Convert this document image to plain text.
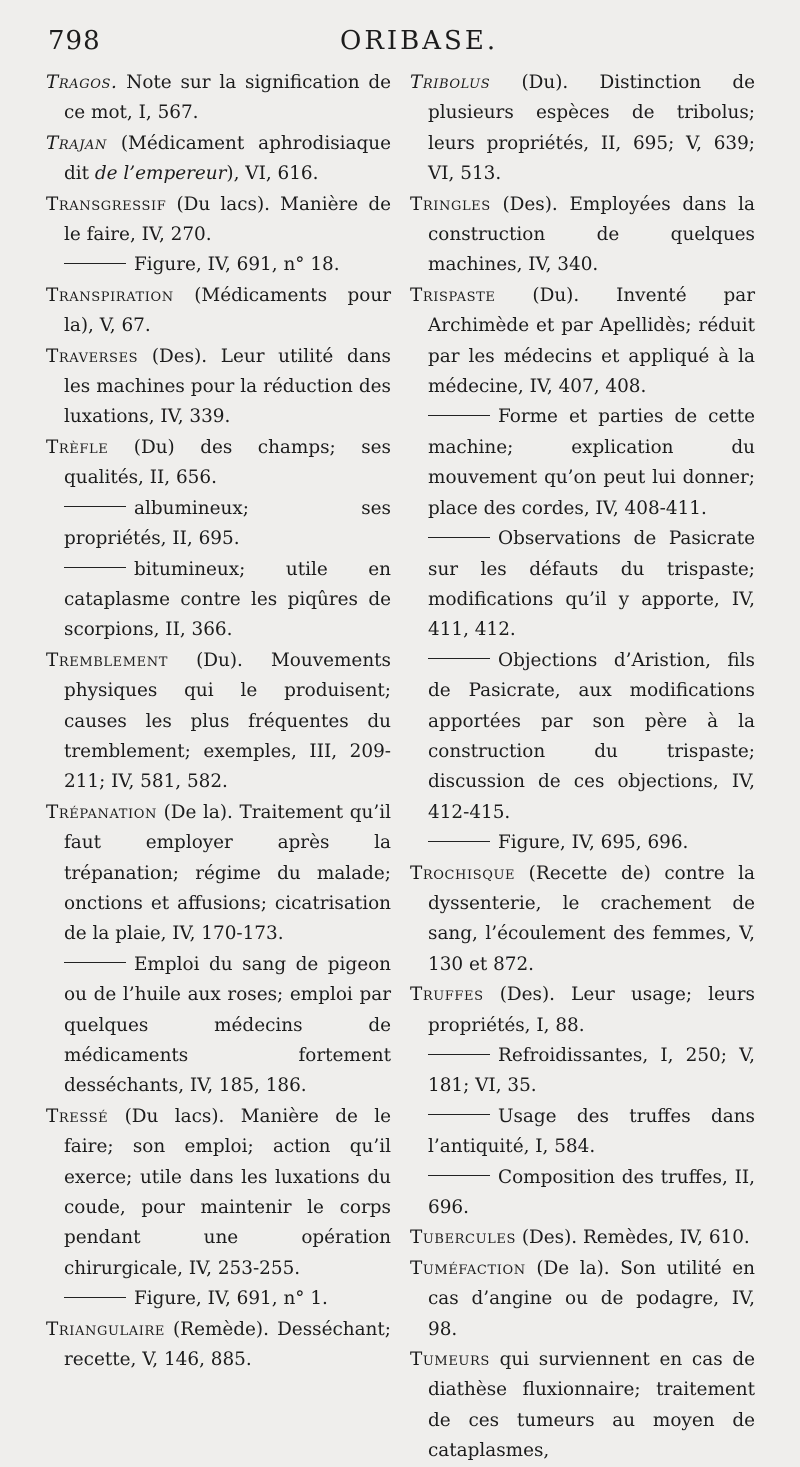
798	ORIBASE.

Tragos. Note sur la signification de ce mot, I, 567.

Trajan (Médicament aphrodisiaque dit de l’empereur), VI, 616.

Transgressif (Du lacs). Manière de le faire, IV, 270.

Figure, IV, 691, n° 18.

Transpiration (Médicaments pour la), V, 67.

Traverses (Des). Leur utilité dans les machines pour la réduction des luxations, IV, 339.

Trèfle (Du) des champs; ses qualités, II, 656.

albumineux; ses propriétés, II, 695.

bitumineux; utile en cataplasme contre les piqûres de scorpions, II, 366.

Tremblement (Du). Mouvements physiques qui le produisent; causes les plus fréquentes du tremblement; exemples, III, 209-211; IV, 581, 582.

Trépanation (De la). Traitement qu’il faut employer après la trépanation; régime du malade; onctions et affusions; cicatrisation de la plaie, IV, 170-173.

Emploi du sang de pigeon ou de l’huile aux roses; emploi par quelques médecins de médicaments fortement desséchants, IV, 185, 186.

Tressé (Du lacs). Manière de le faire; son emploi; action qu’il exerce; utile dans les luxations du coude, pour maintenir le corps pendant une opération chirurgicale, IV, 253-255.

Figure, IV, 691, n° 1.

Triangulaire (Remède). Desséchant; recette, V, 146, 885.

Tribolus (Du). Distinction de plusieurs espèces de tribolus; leurs propriétés, II, 695; V, 639; VI, 513.

Tringles (Des). Employées dans la construction de quelques machines, IV, 340.

Trispaste (Du). Inventé par Archimède et par Apellidès; réduit par les médecins et appliqué à la médecine, IV, 407, 408.

Forme et parties de cette machine; explication du mouvement qu’on peut lui donner; place des cordes, IV, 408-411.

Observations de Pasicrate sur les défauts du trispaste; modifications qu’il y apporte, IV, 411, 412.

Objections d’Aristion, fils de Pasicrate, aux modifications apportées par son père à la construction du trispaste; discussion de ces objections, IV, 412-415.

Figure, IV, 695, 696.

Trochisque (Recette de) contre la dyssenterie, le crachement de sang, l’écoulement des femmes, V, 130 et 872.

Truffes (Des). Leur usage; leurs propriétés, I, 88.

Refroidissantes, I, 250; V, 181; VI, 35.

Usage des truffes dans l’antiquité, I, 584.

Composition des truffes, II, 696.

Tubercules (Des). Remèdes, IV, 610.

Tuméfaction (De la). Son utilité en cas d’angine ou de podagre, IV, 98.

Tumeurs qui surviennent en cas de diathèse fluxionnaire; traitement de ces tumeurs au moyen de cataplasmes,
